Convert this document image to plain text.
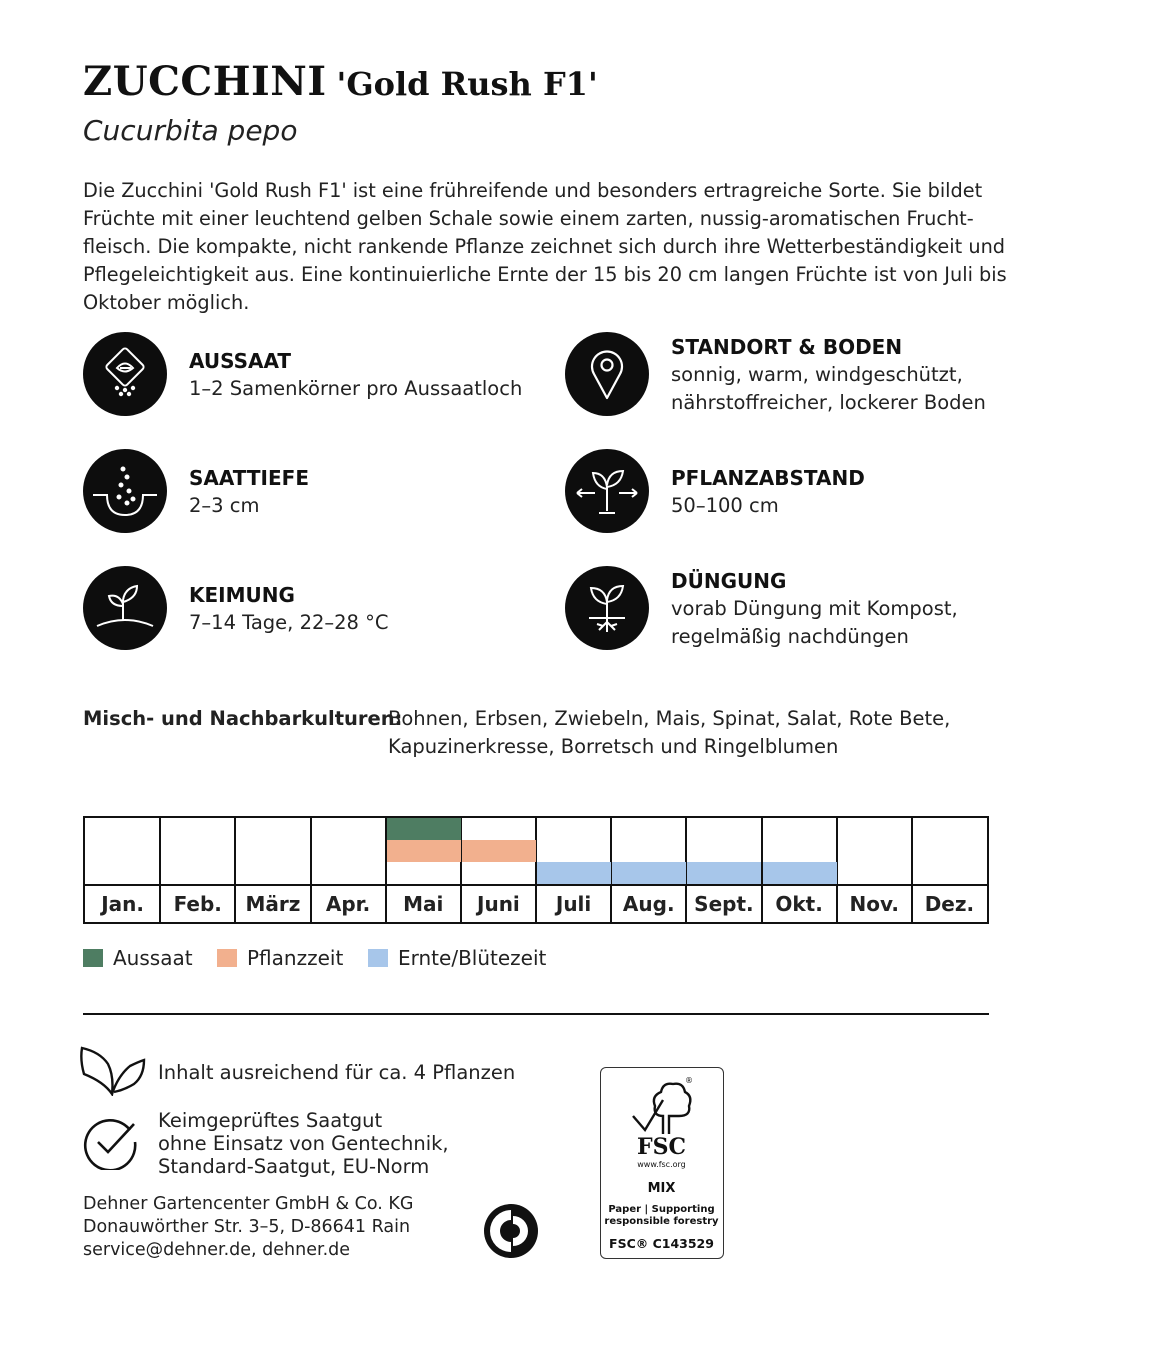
ZUCCHINI 'Gold Rush F1'
Cucurbita pepo
Die Zucchini 'Gold Rush F1' ist eine frühreifende und besonders ertragreiche Sorte. Sie bildet
Früchte mit einer leuchtend gelben Schale sowie einem zarten, nussig-aromatischen Frucht-
fleisch. Die kompakte, nicht rankende Pflanze zeichnet sich durch ihre Wetterbeständigkeit und
Pflegeleichtigkeit aus. Eine kontinuierliche Ernte der 15 bis 20 cm langen Früchte ist von Juli bis
Oktober möglich.
AUSSAAT
1–2 Samenkörner pro Aussaatloch
STANDORT & BODEN
sonnig, warm, windgeschützt,
nährstoffreicher, lockerer Boden
SAATTIEFE
2–3 cm
PFLANZABSTAND
50–100 cm
KEIMUNG
7–14 Tage, 22–28 °C
DÜNGUNG
vorab Düngung mit Kompost,
regelmäßig nachdüngen
Misch- und Nachbarkulturen:
Bohnen, Erbsen, Zwiebeln, Mais, Spinat, Salat, Rote Bete,
Kapuzinerkresse, Borretsch und Ringelblumen
Jan.	Feb.	März	Apr.	Mai	Juni	Juli	Aug. Sept.	Okt.	Nov.	Dez.
Aussaat	Pflanzzeit	Ernte/Blütezeit
Inhalt ausreichend für ca. 4 Pflanzen
Keimgeprüftes Saatgut
ohne Einsatz von Gentechnik,
Standard-Saatgut, EU-Norm
Dehner Gartencenter GmbH & Co. KG
Donauwörther Str. 3–5, D-86641 Rain
service@dehner.de, dehner.de
®
FSC
www.fsc.org
MIX
Paper | Supporting
responsible forestry
FSC® C143529
